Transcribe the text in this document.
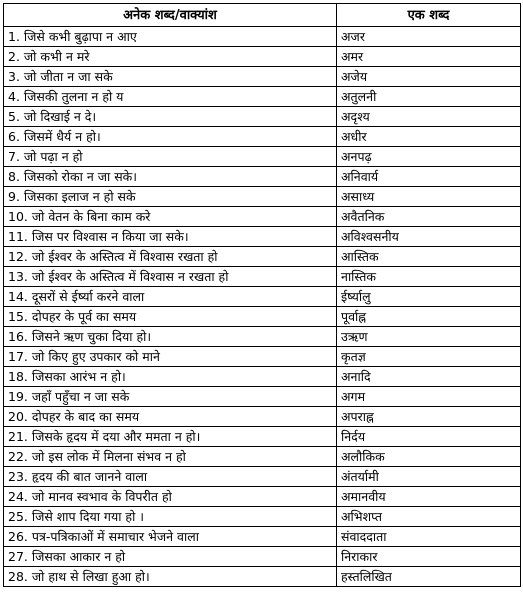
अनेक शब्द/वाक्यांश	एक शब्द
1. जिसे कभी बुढ़ापा न आए	अजर
2. जो कभी न मरे	अमर
3. जो जीता न जा सके	अजेय
4. जिसकी तुलना न हो य	अतुलनी
5. जो दिखाई न दे।	अदृश्य
6. जिसमें धैर्य न हो।	अधीर
7. जो पढ़ा न हो	अनपढ़
8. जिसको रोका न जा सके।	अनिवार्य
9. जिसका इलाज न हो सके	असाध्य
10. जो वेतन के बिना काम करे	अवैतनिक
11. जिस पर विश्वास न किया जा सके।	अविश्वसनीय
12. जो ईश्वर के अस्तित्व में विश्वास रखता हो	आस्तिक
13. जो ईश्वर के अस्तित्व में विश्वास न रखता हो	नास्तिक
14. दूसरों से ईर्ष्या करने वाला	ईर्ष्यालु
15. दोपहर के पूर्व का समय	पूर्वाह्न
16. जिसने ऋण चुका दिया हो।	उऋण
17. जो किए हुए उपकार को माने	कृतज्ञ
18. जिसका आरंभ न हो।	अनादि
19. जहाँ पहुँचा न जा सके	अगम
20. दोपहर के बाद का समय	अपराह्न
21. जिसके हृदय में दया और ममता न हो।	निर्दय
22. जो इस लोक में मिलना संभव न हो	अलौकिक
23. हृदय की बात जानने वाला	अंतर्यामी
24. जो मानव स्वभाव के विपरीत हो	अमानवीय
25. जिसे शाप दिया गया हो ।	अभिशप्त
26. पत्र-पत्रिकाओं में समाचार भेजने वाला	संवाददाता
27. जिसका आकार न हो	निराकार
28. जो हाथ से लिखा हुआ हो।	हस्तलिखित
